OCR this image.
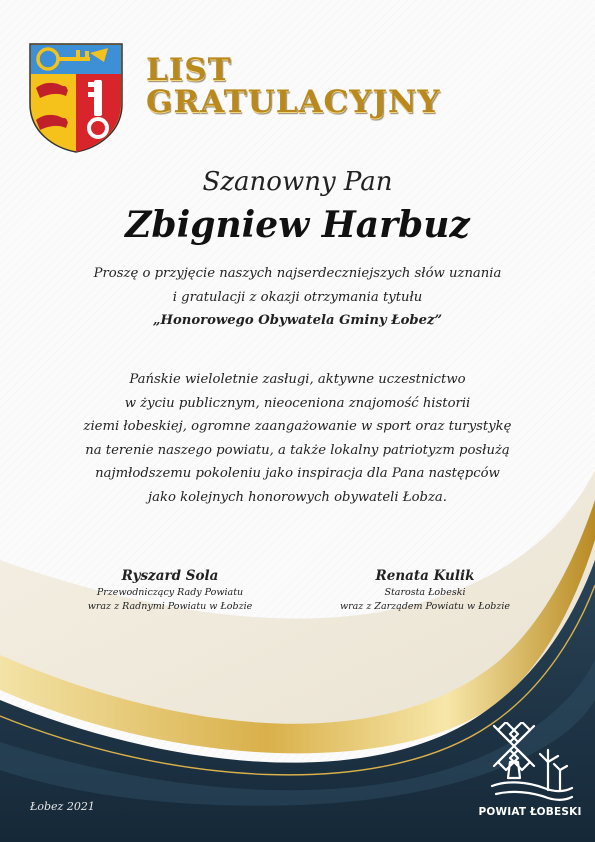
LIST
GRATULACYJNY
Szanowny Pan
Zbigniew Harbuz

Proszę o przyjęcie naszych najserdeczniejszych słów uznania

i gratulacji z okazji otrzymania tytułu

„Honorowego Obywatela Gminy Łobez”

Pańskie wieloletnie zasługi, aktywne uczestnictwo

w życiu publicznym, nieoceniona znajomość historii

ziemi łobeskiej, ogromne zaangażowanie w sport oraz turystykę

na terenie naszego powiatu, a także lokalny patriotyzm posłużą

najmłodszemu pokoleniu jako inspiracja dla Pana następców

jako kolejnych honorowych obywateli Łobza.

Ryszard Sola
Przewodniczący Rady Powiatu
wraz z Radnymi Powiatu w Łobzie
Renata Kulik
Starosta Łobeski
wraz z Zarządem Powiatu w Łobzie
Łobez 2021	POWIAT ŁOBESKI
